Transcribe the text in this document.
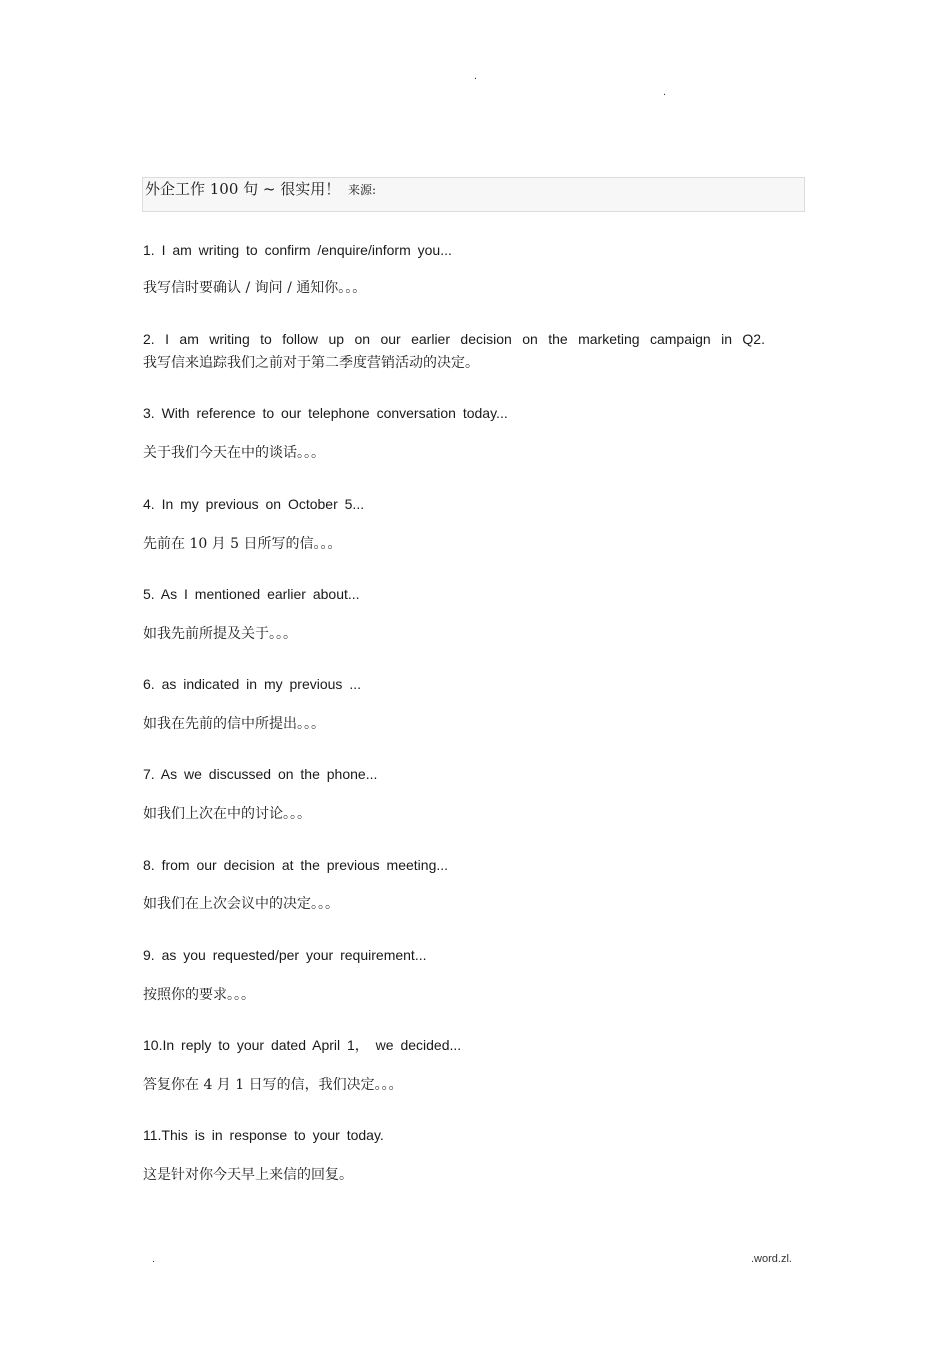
.
.
外企工作 100 句 ~ 很实用！ 来源:
1. I am writing to confirm /enquire/inform you...
我写信时要确认 / 询问 / 通知你。。。
2. I am writing to follow up on our earlier decision on the marketing campaign in Q2.
我写信来追踪我们之前对于第二季度营销活动的决定。
3. With reference to our telephone conversation today...
关于我们今天在中的谈话。。。
4. In my previous on October 5...
先前在 10 月 5 日所写的信。。。
5. As I mentioned earlier about...
如我先前所提及关于。。。
6. as indicated in my previous ...
如我在先前的信中所提出。。。
7. As we discussed on the phone...
如我们上次在中的讨论。。。
8. from our decision at the previous meeting...
如我们在上次会议中的决定。。。
9. as you requested/per your requirement...
按照你的要求。。。
10.In reply to your dated April 1， we decided...
答复你在 4 月 1 日写的信，我们决定。。。
11.This is in response to your today.
这是针对你今天早上来信的回复。
.	.word.zl.
